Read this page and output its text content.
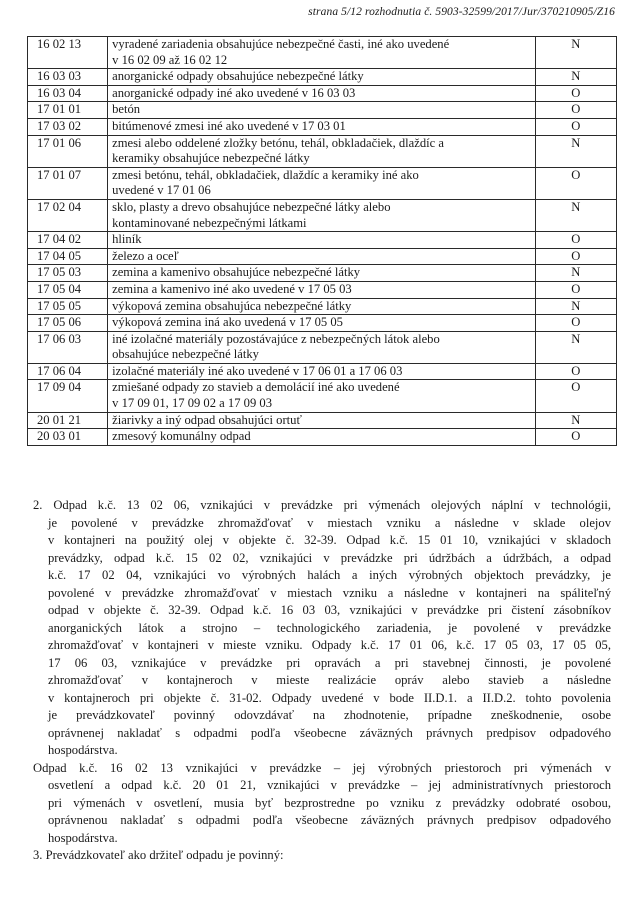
strana 5/12 rozhodnutia č. 5903-32599/2017/Jur/370210905/Z16
16 02 13	vyradené zariadenia obsahujúce nebezpečné časti, iné ako uvedené
v 16 02 09 až 16 02 12	N
16 03 03	anorganické odpady obsahujúce nebezpečné látky	N
16 03 04	anorganické odpady iné ako uvedené v 16 03 03	O
17 01 01	betón	O
17 03 02	bitúmenové zmesi iné ako uvedené v 17 03 01	O
17 01 06	zmesi alebo oddelené zložky betónu, tehál, obkladačiek, dlaždíc a
keramiky obsahujúce nebezpečné látky	N
17 01 07	zmesi betónu, tehál, obkladačiek, dlaždíc a keramiky iné ako
uvedené v 17 01 06	O
17 02 04	sklo, plasty a drevo obsahujúce nebezpečné látky alebo
kontaminované nebezpečnými látkami	N
17 04 02	hliník	O
17 04 05	železo a oceľ	O
17 05 03	zemina a kamenivo obsahujúce nebezpečné látky	N
17 05 04	zemina a kamenivo iné ako uvedené v 17 05 03	O
17 05 05	výkopová zemina obsahujúca nebezpečné látky	N
17 05 06	výkopová zemina iná ako uvedená v 17 05 05	O
17 06 03	iné izolačné materiály pozostávajúce z nebezpečných látok alebo
obsahujúce nebezpečné látky	N
17 06 04	izolačné materiály iné ako uvedené v 17 06 01 a 17 06 03	O
17 09 04	zmiešané odpady zo stavieb a demolácií iné ako uvedené
v 17 09 01, 17 09 02 a 17 09 03	O
20 01 21	žiarivky a iný odpad obsahujúci ortuť	N
20 03 01	zmesový komunálny odpad	O
2. Odpad k.č. 13 02 06, vznikajúci v prevádzke pri výmenách olejových náplní v technológii,
je povolené v prevádzke zhromažďovať v miestach vzniku a následne v sklade olejov
v kontajneri na použitý olej v objekte č. 32-39. Odpad k.č. 15 01 10, vznikajúci v skladoch
prevádzky, odpad k.č. 15 02 02, vznikajúci v prevádzke pri údržbách a údržbách, a odpad
k.č. 17 02 04, vznikajúci vo výrobných halách a iných výrobných objektoch prevádzky, je
povolené v prevádzke zhromažďovať v miestach vzniku a následne v kontajneri na spáliteľný
odpad v objekte č. 32-39. Odpad k.č. 16 03 03, vznikajúci v prevádzke pri čistení zásobníkov
anorganických látok a strojno – technologického zariadenia, je povolené v prevádzke
zhromažďovať v kontajneri v mieste vzniku. Odpady k.č. 17 01 06, k.č. 17 05 03, 17 05 05,
17 06 03, vznikajúce v prevádzke pri opravách a pri stavebnej činnosti, je povolené
zhromažďovať v kontajneroch v mieste realizácie opráv alebo stavieb a následne
v kontajneroch pri objekte č. 31-02. Odpady uvedené v bode II.D.1. a II.D.2. tohto povolenia
je prevádzkovateľ povinný odovzdávať na zhodnotenie, prípadne zneškodnenie, osobe
oprávnenej nakladať s odpadmi podľa všeobecne záväzných právnych predpisov odpadového
hospodárstva.
Odpad k.č. 16 02 13 vznikajúci v prevádzke – jej výrobných priestoroch pri výmenách v
osvetlení a odpad k.č. 20 01 21, vznikajúci v prevádzke – jej administratívnych priestoroch
pri výmenách v osvetlení, musia byť bezprostredne po vzniku z prevádzky odobraté osobou,
oprávnenou nakladať s odpadmi podľa všeobecne záväzných právnych predpisov odpadového
hospodárstva.
3. Prevádzkovateľ ako držiteľ odpadu je povinný:
